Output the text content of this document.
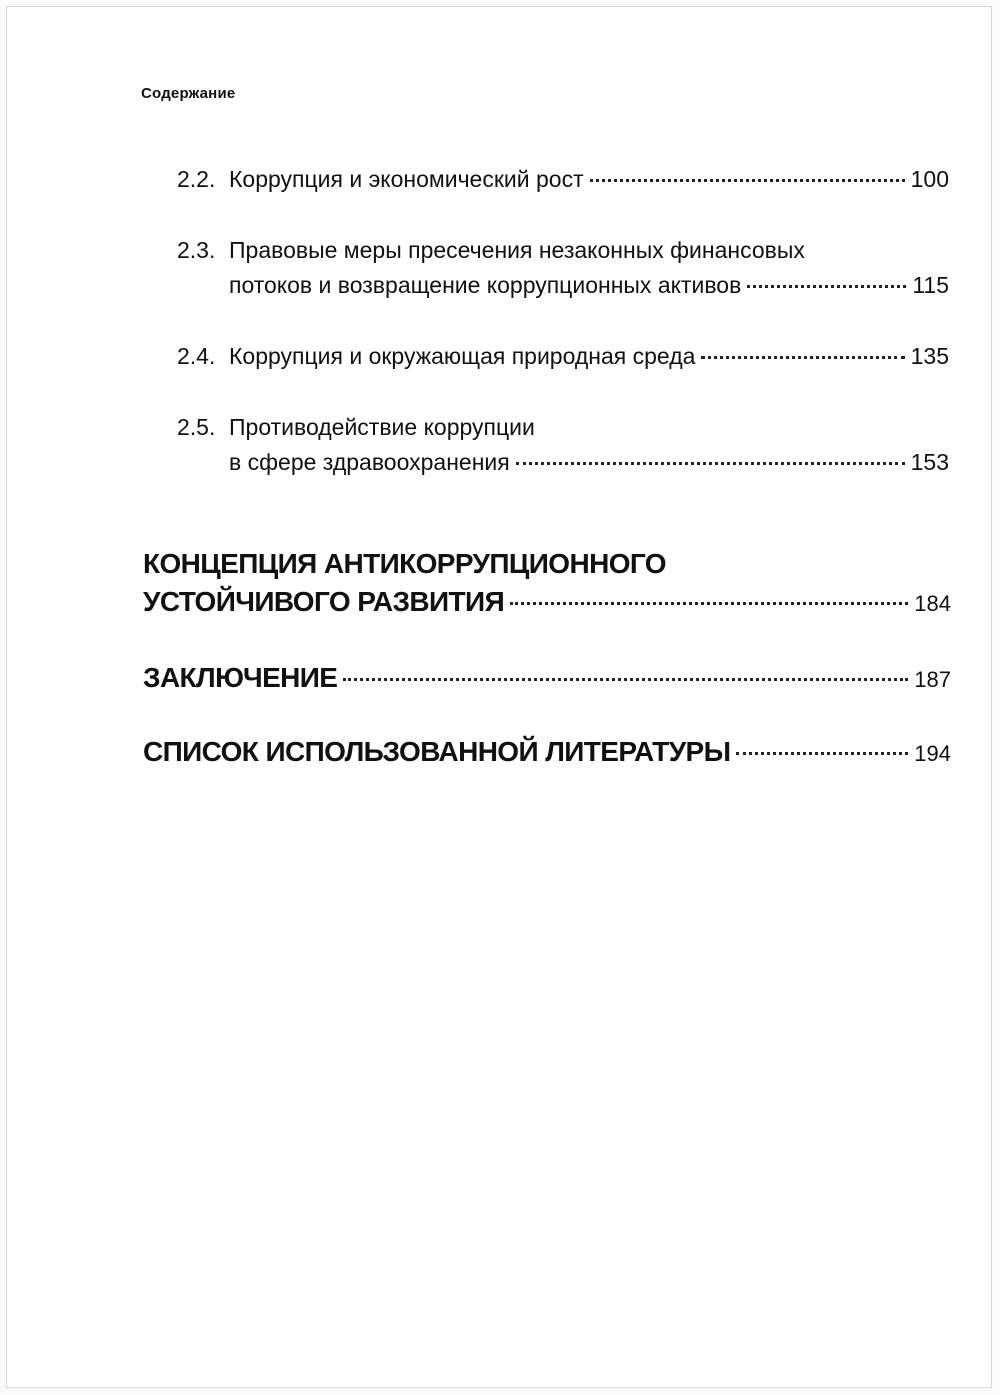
Содержание
2.2. Коррупция и экономический рост	100
2.3. Правовые меры пресечения незаконных финансовых
потоков и возвращение коррупционных активов	115
2.4. Коррупция и окружающая природная среда	135
2.5. Противодействие коррупции
в сфере здравоохранения	153
КОНЦЕПЦИЯ АНТИКОРРУПЦИОННОГО
УСТОЙЧИВОГО РАЗВИТИЯ	184
ЗАКЛЮЧЕНИЕ	187
СПИСОК ИСПОЛЬЗОВАННОЙ ЛИТЕРАТУРЫ	194
